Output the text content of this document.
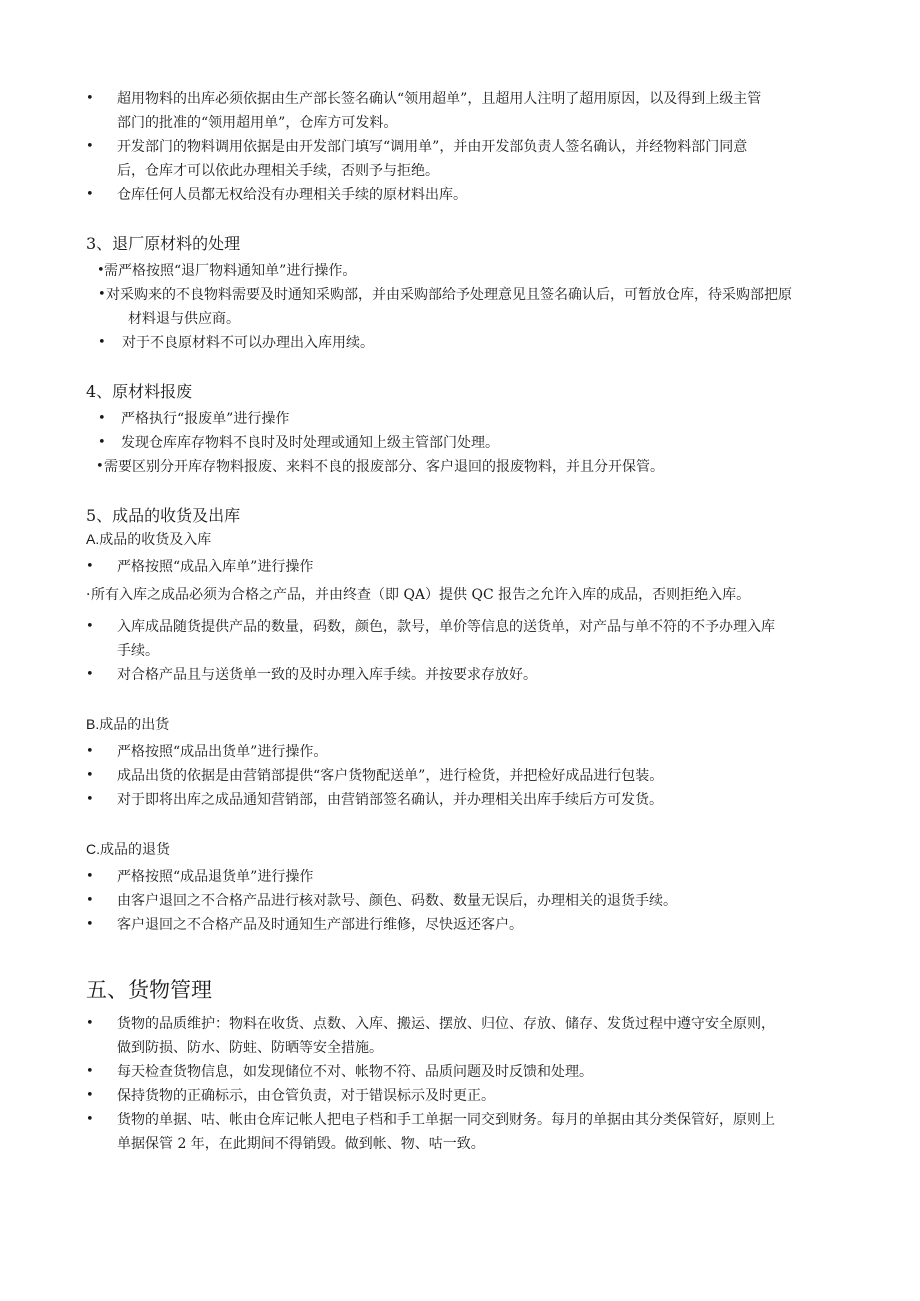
• 超用物料的出库必须依据由生产部长签名确认“领用超单”，且超用人注明了超用原因，以及得到上级主管
部门的批准的“领用超用单”，仓库方可发料。
• 开发部门的物料调用依据是由开发部门填写“调用单”，并由开发部负责人签名确认，并经物料部门同意
后，仓库才可以依此办理相关手续，否则予与拒绝。
• 仓库任何人员都无权给没有办理相关手续的原材料出库。
3、退厂原材料的处理
• 需严格按照“退厂物料通知单”进行操作。
• 对采购来的不良物料需要及时通知采购部，并由采购部给予处理意见且签名确认后，可暂放仓库，待采购部把原
材料退与供应商。
• 对于不良原材料不可以办理出入库用续。
4、原材料报废
• 严格执行“报废单”进行操作
• 发现仓库库存物料不良时及时处理或通知上级主管部门处理。
• 需要区别分开库存物料报废、来料不良的报废部分、客户退回的报废物料，并且分开保管。
5、成品的收货及出库
A.成品的收货及入库
• 严格按照“成品入库单”进行操作
· 所有入库之成品必须为合格之产品，并由终查（即 QA）提供 QC 报告之允许入库的成品，否则拒绝入库。
• 入库成品随货提供产品的数量，码数，颜色，款号，单价等信息的送货单，对产品与单不符的不予办理入库
手续。
• 对合格产品且与送货单一致的及时办理入库手续。并按要求存放好。
B.成品的出货
• 严格按照“成品出货单”进行操作。
• 成品出货的依据是由营销部提供“客户货物配送单”，进行检货，并把检好成品进行包装。
• 对于即将出库之成品通知营销部，由营销部签名确认，并办理相关出库手续后方可发货。
C.成品的退货
• 严格按照“成品退货单”进行操作
• 由客户退回之不合格产品进行核对款号、颜色、码数、数量无误后，办理相关的退货手续。
• 客户退回之不合格产品及时通知生产部进行维修，尽快返还客户。
五、货物管理
• 货物的品质维护：物料在收货、点数、入库、搬运、摆放、归位、存放、储存、发货过程中遵守安全原则，
做到防损、防水、防蛀、防晒等安全措施。
• 每天检查货物信息，如发现储位不对、帐物不符、品质问题及时反馈和处理。
• 保持货物的正确标示，由仓管负责，对于错误标示及时更正。
• 货物的单据、咕、帐由仓库记帐人把电子档和手工单据一同交到财务。每月的单据由其分类保管好，原则上
单据保管 2 年，在此期间不得销毁。做到帐、物、咕一致。
